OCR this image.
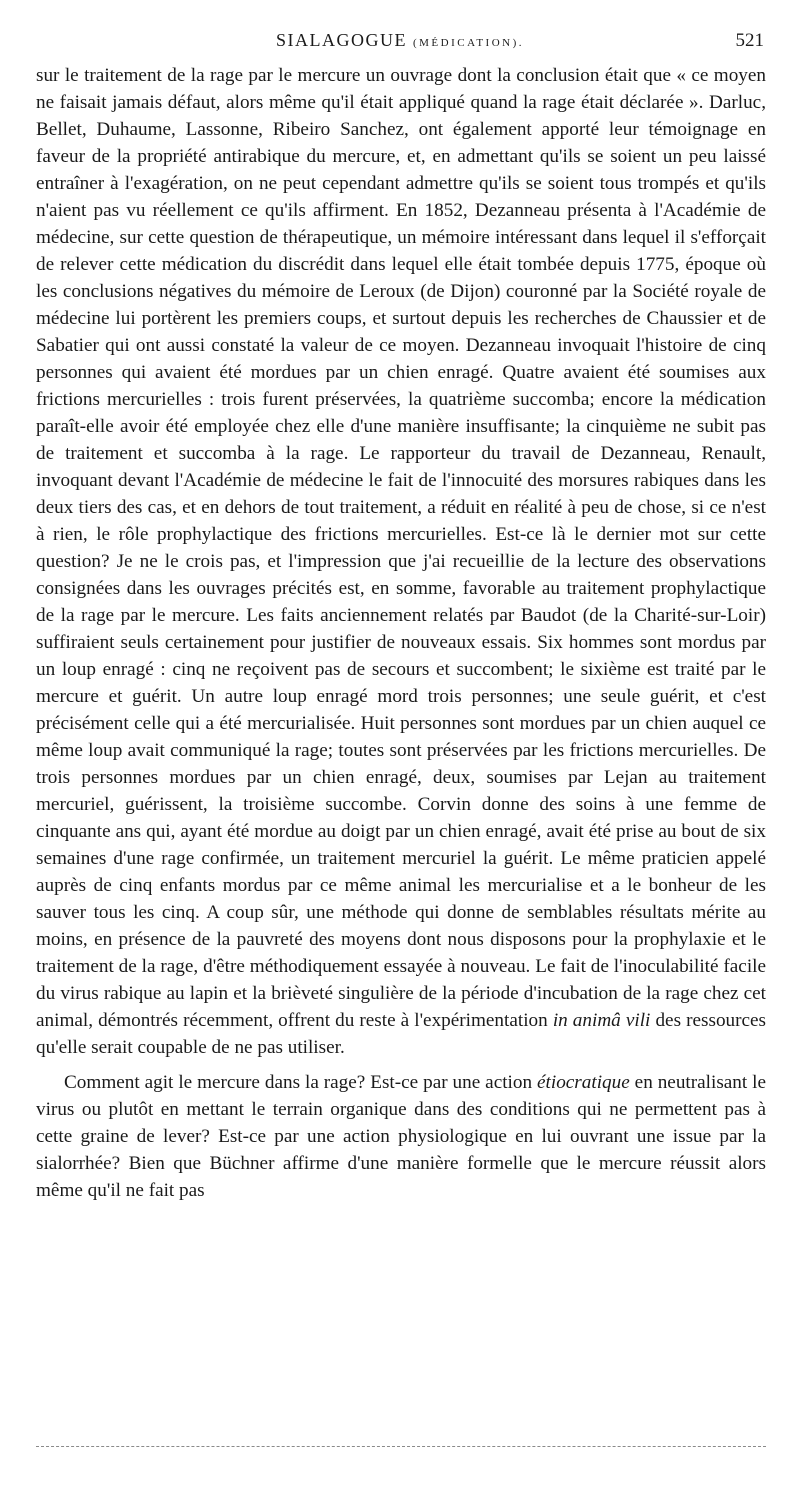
SIALAGOGUE (MÉDICATION).	521

sur le traitement de la rage par le mercure un ouvrage dont la conclusion était que « ce moyen ne faisait jamais défaut, alors même qu'il était appliqué quand la rage était déclarée ». Darluc, Bellet, Duhaume, Lassonne, Ribeiro Sanchez, ont également apporté leur témoignage en faveur de la propriété antirabique du mercure, et, en admettant qu'ils se soient un peu laissé entraîner à l'exagération, on ne peut cependant admettre qu'ils se soient tous trompés et qu'ils n'aient pas vu réellement ce qu'ils affirment. En 1852, Dezanneau présenta à l'Académie de médecine, sur cette question de thérapeutique, un mémoire intéressant dans lequel il s'efforçait de relever cette médication du discrédit dans lequel elle était tombée depuis 1775, époque où les conclusions négatives du mémoire de Leroux (de Dijon) couronné par la Société royale de médecine lui portèrent les premiers coups, et surtout depuis les recherches de Chaussier et de Sabatier qui ont aussi constaté la valeur de ce moyen. Dezanneau invoquait l'histoire de cinq personnes qui avaient été mordues par un chien enragé. Quatre avaient été soumises aux frictions mercurielles : trois furent préservées, la quatrième succomba; encore la médication paraît-elle avoir été employée chez elle d'une manière insuffisante; la cinquième ne subit pas de traitement et succomba à la rage. Le rapporteur du travail de Dezanneau, Renault, invoquant devant l'Académie de médecine le fait de l'innocuité des morsures rabiques dans les deux tiers des cas, et en dehors de tout traitement, a réduit en réalité à peu de chose, si ce n'est à rien, le rôle prophylactique des frictions mercurielles. Est-ce là le dernier mot sur cette question? Je ne le crois pas, et l'impression que j'ai recueillie de la lecture des observations consignées dans les ouvrages précités est, en somme, favorable au traitement prophylactique de la rage par le mercure. Les faits anciennement relatés par Baudot (de la Charité-sur-Loir) suffiraient seuls certainement pour justifier de nouveaux essais. Six hommes sont mordus par un loup enragé : cinq ne reçoivent pas de secours et succombent; le sixième est traité par le mercure et guérit. Un autre loup enragé mord trois personnes; une seule guérit, et c'est précisément celle qui a été mercurialisée. Huit personnes sont mordues par un chien auquel ce même loup avait communiqué la rage; toutes sont préservées par les frictions mercurielles. De trois personnes mordues par un chien enragé, deux, soumises par Lejan au traitement mercuriel, guérissent, la troisième succombe. Corvin donne des soins à une femme de cinquante ans qui, ayant été mordue au doigt par un chien enragé, avait été prise au bout de six semaines d'une rage confirmée, un traitement mercuriel la guérit. Le même praticien appelé auprès de cinq enfants mordus par ce même animal les mercurialise et a le bonheur de les sauver tous les cinq. A coup sûr, une méthode qui donne de semblables résultats mérite au moins, en présence de la pauvreté des moyens dont nous disposons pour la prophylaxie et le traitement de la rage, d'être méthodiquement essayée à nouveau. Le fait de l'inoculabilité facile du virus rabique au lapin et la brièveté singulière de la période d'incubation de la rage chez cet animal, démontrés récemment, offrent du reste à l'expérimentation in animâ vili des ressources qu'elle serait coupable de ne pas utiliser.

Comment agit le mercure dans la rage? Est-ce par une action étiocratique en neutralisant le virus ou plutôt en mettant le terrain organique dans des conditions qui ne permettent pas à cette graine de lever? Est-ce par une action physiologique en lui ouvrant une issue par la sialorrhée? Bien que Büchner affirme d'une manière formelle que le mercure réussit alors même qu'il ne fait pas
